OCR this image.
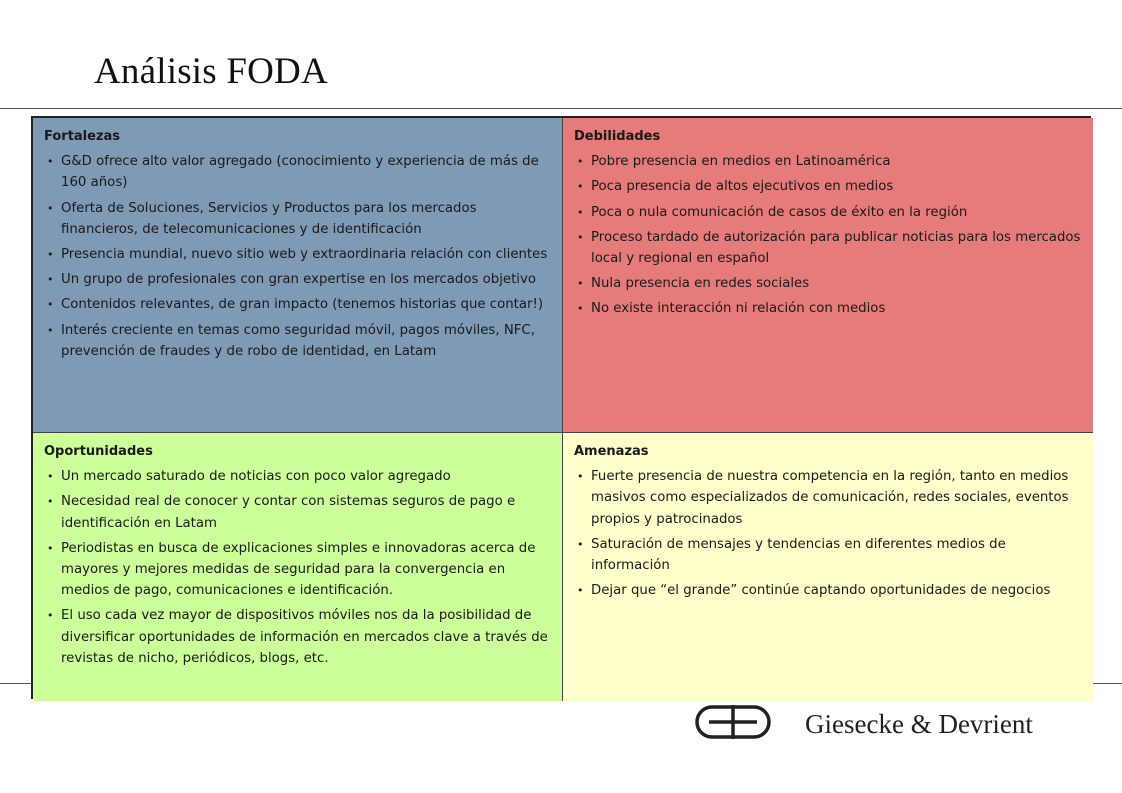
Análisis FODA
Fortalezas
• G&D ofrece alto valor agregado (conocimiento y experiencia de más de 160 años)
• Oferta de Soluciones, Servicios y Productos para los mercados financieros, de telecomunicaciones y de identificación
• Presencia mundial, nuevo sitio web y extraordinaria relación con clientes
• Un grupo de profesionales con gran expertise en los mercados objetivo
• Contenidos relevantes, de gran impacto (tenemos historias que contar!)
• Interés creciente en temas como seguridad móvil, pagos móviles, NFC, prevención de fraudes y de robo de identidad, en Latam
Debilidades
• Pobre presencia en medios en Latinoamérica
• Poca presencia de altos ejecutivos en medios
• Poca o nula comunicación de casos de éxito en la región
• Proceso tardado de autorización para publicar noticias para los mercados local y regional en español
• Nula presencia en redes sociales
• No existe interacción ni relación con medios
Oportunidades
• Un mercado saturado de noticias con poco valor agregado
• Necesidad real de conocer y contar con sistemas seguros de pago e identificación en Latam
• Periodistas en busca de explicaciones simples e innovadoras acerca de mayores y mejores medidas de seguridad para la convergencia en medios de pago, comunicaciones e identificación.
• El uso cada vez mayor de dispositivos móviles nos da la posibilidad de diversificar oportunidades de información en mercados clave a través de revistas de nicho, periódicos, blogs, etc.
Amenazas
• Fuerte presencia de nuestra competencia en la región, tanto en medios masivos como especializados de comunicación, redes sociales, eventos propios y patrocinados
• Saturación de mensajes y tendencias en diferentes medios de información
• Dejar que “el grande” continúe captando oportunidades de negocios
Giesecke & Devrient
